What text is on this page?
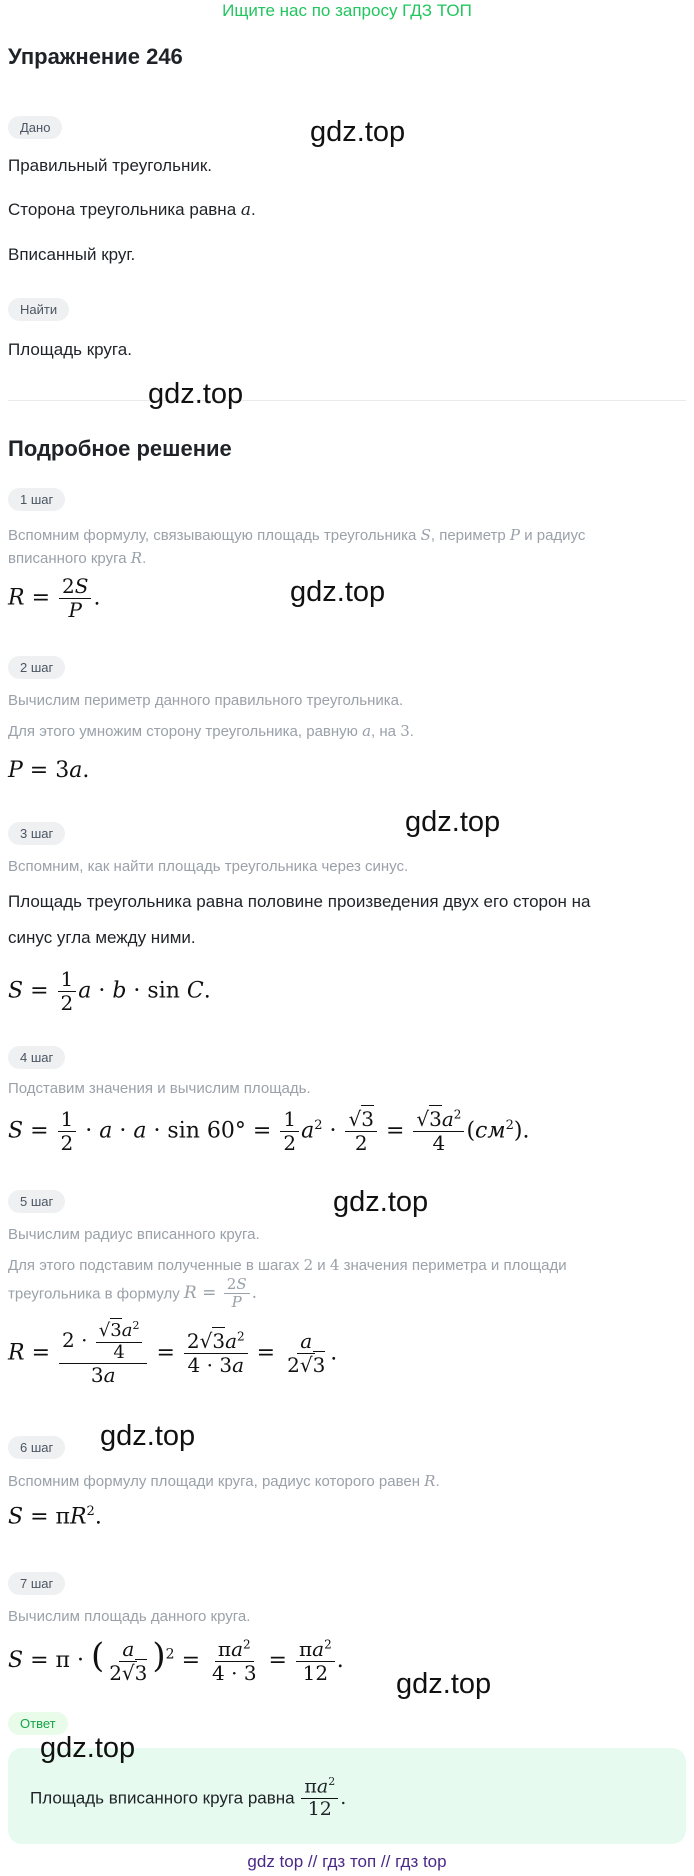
Ищите нас по запросу ГДЗ ТОП
Упражнение 246
Дано	gdz.top
Правильный треугольник.
Сторона треугольника равна a.
Вписанный круг.
Найти
Площадь круга.
gdz.top
Подробное решение
1 шаг
Вспомним формулу, связывающую площадь треугольника S, периметр P и радиус
вписанного круга R.
$R = \frac{2S}{P}$ .	gdz.top
2 шаг
Вычислим периметр данного правильного треугольника.
Для этого умножим сторону треугольника, равную a, на 3.
P = 3a.
gdz.top
3 шаг
Вспомним, как найти площадь треугольника через синус.
Площадь треугольника равна половине произведения двух его сторон на
синус угла между ними.
$S = \frac{1}{2}$ a · b · sin C.
4 шаг
Подставим значения и вычислим площадь.
$S = \frac{1}{2} \cdot a \cdot a \cdot \sin 60^\circ = \frac{1}{2} a^2 \cdot \frac{√3}{2} = \frac{√3a^2}{4} (см^2)$.
5 шаг	gdz.top
Вычислим радиус вписанного круга.
Для этого подставим полученные в шагах 2 и 4 значения периметра и площади
треугольника в формулу $R = \frac{2S}{P}$ .
$R = \frac{2 \cdot \frac{√3a^2}{4}}{3a} = \frac{2√3a^2}{4 \cdot 3a} = \frac{a}{2√3}$ .
6 шаг	gdz.top
Вспомним формулу площади круга, радиус которого равен R.
$S = \pi R^2$.
7 шаг
Вычислим площадь данного круга.
S = π · ( $\frac{a}{2√3} )^2 = \frac{\pi a^2}{4 \cdot 3} = \frac{\pi a^2}{12}$ .
gdz.top
Ответ
gdz.top
Площадь вписанного круга равна $\frac{\pi a^2}{12}$ .
gdz top // гдз топ // гдз top
